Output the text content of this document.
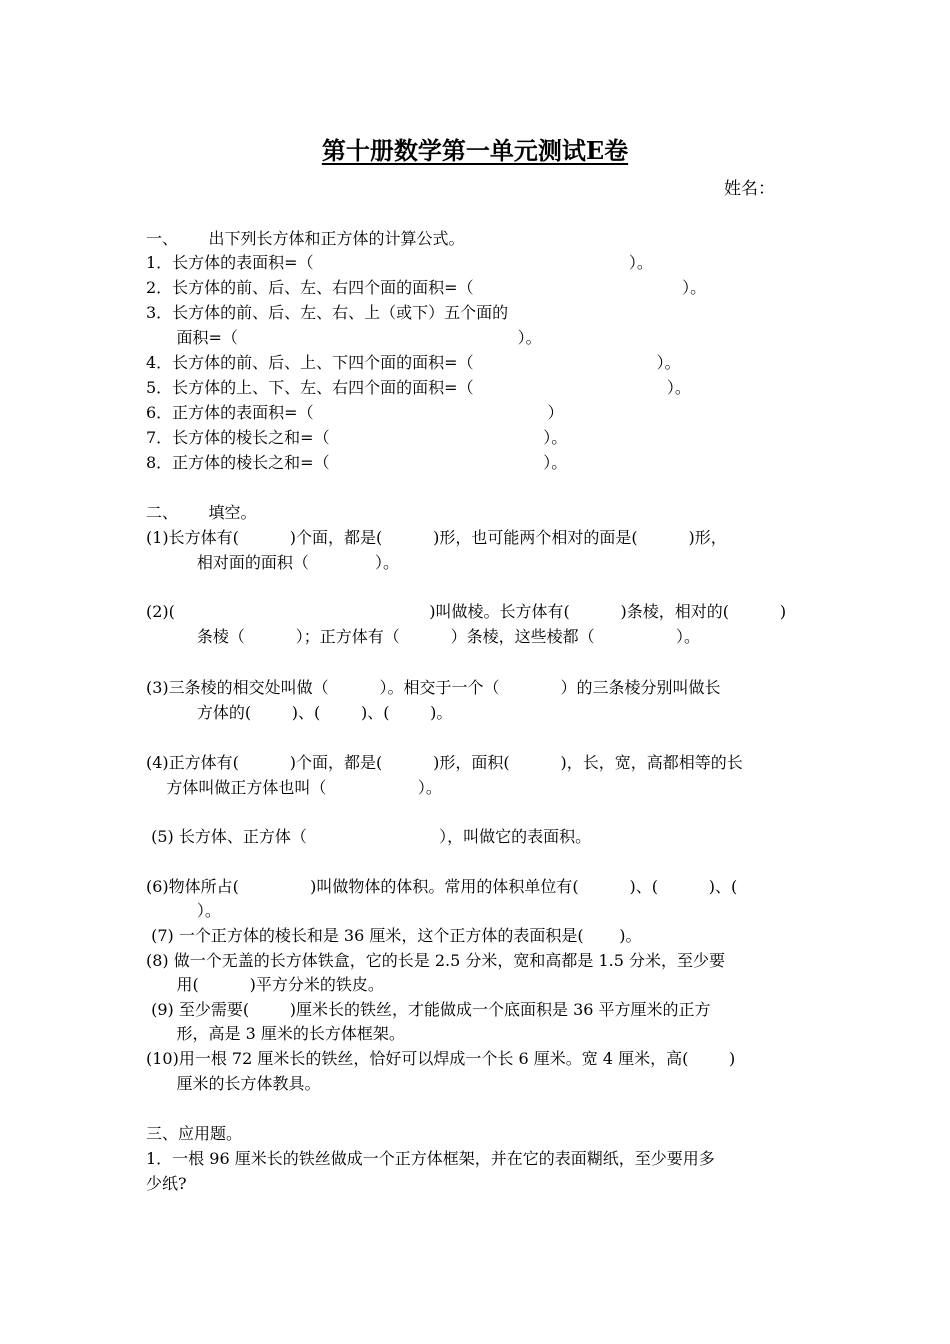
第十册数学第一单元测试E卷
姓名：
一、      出下列长方体和正方体的计算公式。
1．长方体的表面积=（                                                              ）。
2．长方体的前、后、左、右四个面的面积=（                                         ）。
3．长方体的前、后、左、右、上（或下）五个面的
面积=（                                                       ）。
4．长方体的前、后、上、下四个面的面积=（                                    ）。
5．长方体的上、下、左、右四个面的面积=（                                      ）。
6．正方体的表面积=（                                              ）
7．长方体的棱长之和=（                                          ）。
8．正方体的棱长之和=（                                          ）。
二、      填空。
(1)长方体有(          )个面，都是(          )形，也可能两个相对的面是(          )形，
相对面的面积（             ）。
(2)(                                                  )叫做棱。长方体有(          )条棱，相对的(          )
条棱（          ）；正方体有（          ）条棱，这些棱都（                ）。
(3)三条棱的相交处叫做（          ）。相交于一个（            ）的三条棱分别叫做长
方体的(        )、(        )、(        )。
(4)正方体有(          )个面，都是(          )形，面积(          )，长，宽，高都相等的长
方体叫做正方体也叫（                  ）。
(5) 长方体、正方体（                          ），叫做它的表面积。
(6)物体所占(              )叫做物体的体积。常用的体积单位有(          )、(          )、(
）。
(7) 一个正方体的棱长和是 36 厘米，这个正方体的表面积是(       )。
(8) 做一个无盖的长方体铁盒，它的长是 2.5 分米，宽和高都是 1.5 分米，至少要
用(          )平方分米的铁皮。
(9) 至少需要(        )厘米长的铁丝，才能做成一个底面积是 36 平方厘米的正方
形，高是 3 厘米的长方体框架。
(10)用一根 72 厘米长的铁丝，恰好可以焊成一个长 6 厘米。宽 4 厘米，高(        )
厘米的长方体教具。
三、应用题。
1．一根 96 厘米长的铁丝做成一个正方体框架，并在它的表面糊纸，至少要用多
少纸?
